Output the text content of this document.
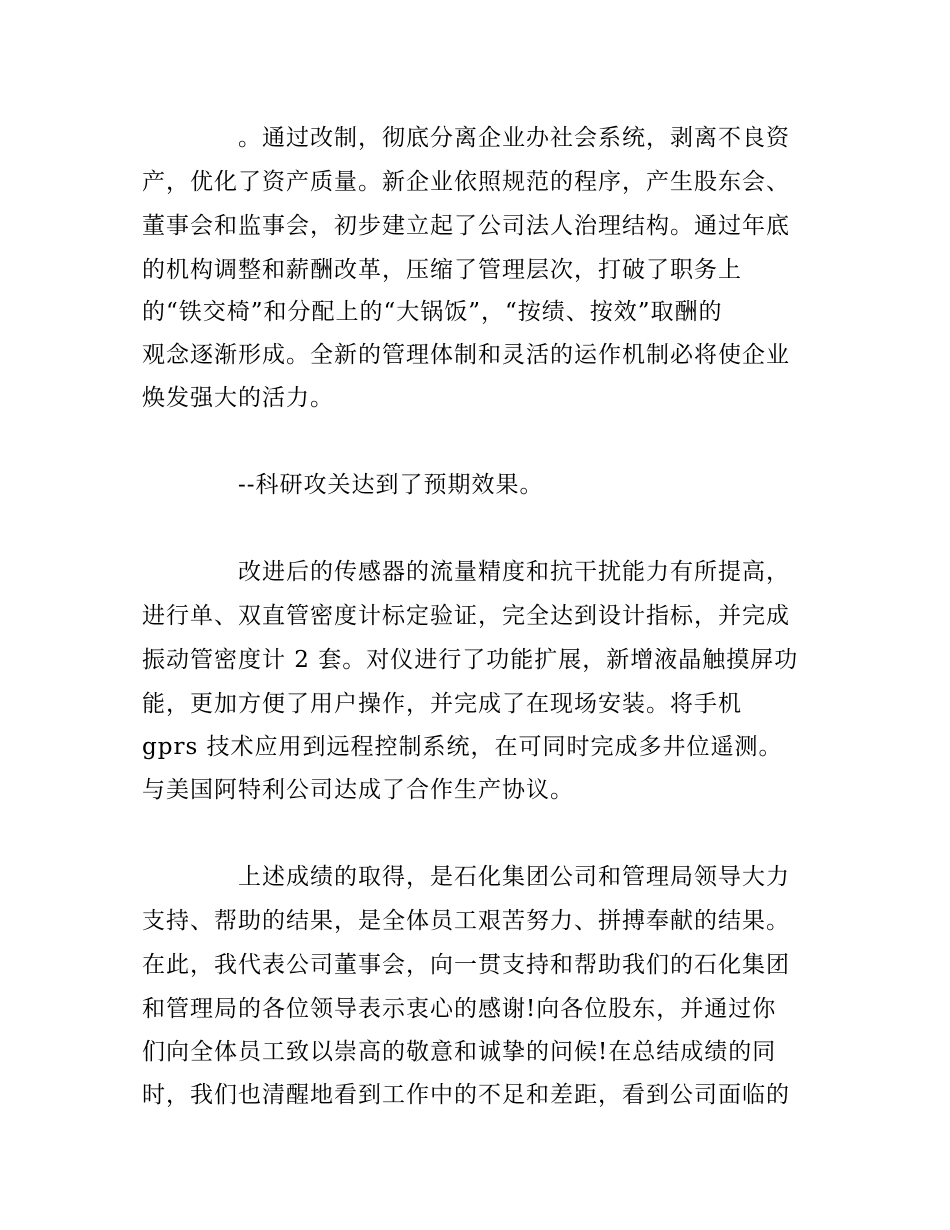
　　　　。通过改制，彻底分离企业办社会系统，剥离不良资
产，优化了资产质量。新企业依照规范的程序，产生股东会、
董事会和监事会，初步建立起了公司法人治理结构。通过年底
的机构调整和薪酬改革，压缩了管理层次，打破了职务上
的“铁交椅”和分配上的“大锅饭”，“按绩、按效”取酬的
观念逐渐形成。全新的管理体制和灵活的运作机制必将使企业
焕发强大的活力。
　　　　--科研攻关达到了预期效果。
　　　　改进后的传感器的流量精度和抗干扰能力有所提高，
进行单、双直管密度计标定验证，完全达到设计指标，并完成
振动管密度计 2 套。对仪进行了功能扩展，新增液晶触摸屏功
能，更加方便了用户操作，并完成了在现场安装。将手机
gprs 技术应用到远程控制系统，在可同时完成多井位遥测。
与美国阿特利公司达成了合作生产协议。
　　　　上述成绩的取得，是石化集团公司和管理局领导大力
支持、帮助的结果，是全体员工艰苦努力、拼搏奉献的结果。
在此，我代表公司董事会，向一贯支持和帮助我们的石化集团
和管理局的各位领导表示衷心的感谢!向各位股东，并通过你
们向全体员工致以崇高的敬意和诚挚的问候!在总结成绩的同
时，我们也清醒地看到工作中的不足和差距，看到公司面临的
